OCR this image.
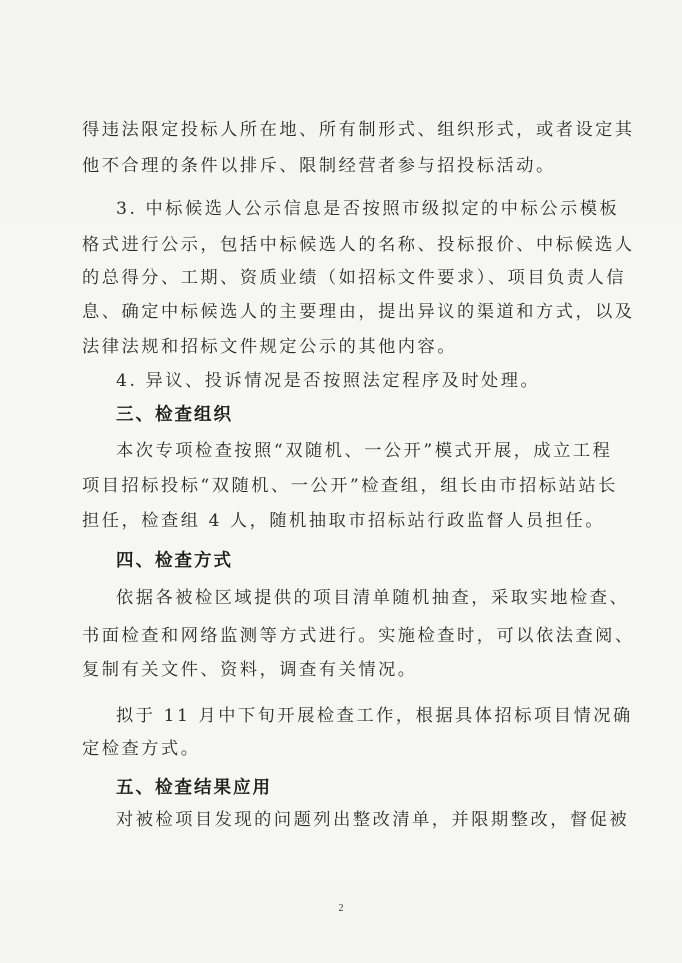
得违法限定投标人所在地、所有制形式、组织形式，或者设定其
他不合理的条件以排斥、限制经营者参与招投标活动。
3. 中标候选人公示信息是否按照市级拟定的中标公示模板
格式进行公示，包括中标候选人的名称、投标报价、中标候选人
的总得分、工期、资质业绩（如招标文件要求）、项目负责人信
息、确定中标候选人的主要理由，提出异议的渠道和方式，以及
法律法规和招标文件规定公示的其他内容。
4. 异议、投诉情况是否按照法定程序及时处理。
三、检查组织
本次专项检查按照“双随机、一公开”模式开展，成立工程
项目招标投标“双随机、一公开”检查组，组长由市招标站站长
担任，检查组 4 人，随机抽取市招标站行政监督人员担任。
四、检查方式
依据各被检区域提供的项目清单随机抽查，采取实地检查、
书面检查和网络监测等方式进行。实施检查时，可以依法查阅、
复制有关文件、资料，调查有关情况。
拟于 11 月中下旬开展检查工作，根据具体招标项目情况确
定检查方式。
五、检查结果应用
对被检项目发现的问题列出整改清单，并限期整改，督促被
2
